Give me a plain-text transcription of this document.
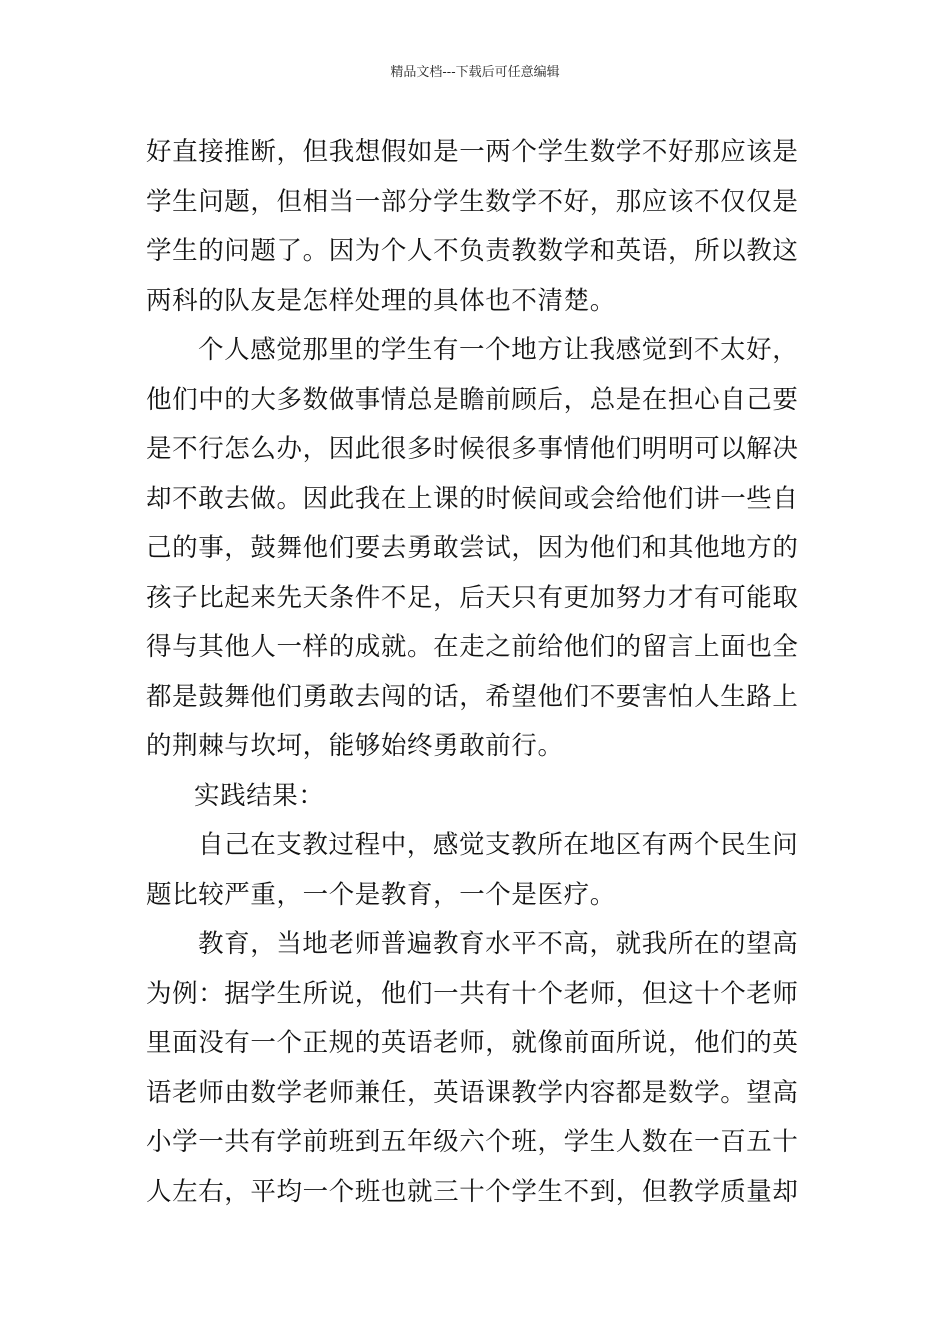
精品文档---下载后可任意编辑
好直接推断，但我想假如是一两个学生数学不好那应该是
学生问题，但相当一部分学生数学不好，那应该不仅仅是
学生的问题了。因为个人不负责教数学和英语，所以教这
两科的队友是怎样处理的具体也不清楚。
个人感觉那里的学生有一个地方让我感觉到不太好，
他们中的大多数做事情总是瞻前顾后，总是在担心自己要
是不行怎么办，因此很多时候很多事情他们明明可以解决
却不敢去做。因此我在上课的时候间或会给他们讲一些自
己的事，鼓舞他们要去勇敢尝试，因为他们和其他地方的
孩子比起来先天条件不足，后天只有更加努力才有可能取
得与其他人一样的成就。在走之前给他们的留言上面也全
都是鼓舞他们勇敢去闯的话，希望他们不要害怕人生路上
的荆棘与坎坷，能够始终勇敢前行。
实践结果：
自己在支教过程中，感觉支教所在地区有两个民生问
题比较严重，一个是教育，一个是医疗。
教育，当地老师普遍教育水平不高，就我所在的望高
为例：据学生所说，他们一共有十个老师，但这十个老师
里面没有一个正规的英语老师，就像前面所说，他们的英
语老师由数学老师兼任，英语课教学内容都是数学。望高
小学一共有学前班到五年级六个班，学生人数在一百五十
人左右，平均一个班也就三十个学生不到，但教学质量却
